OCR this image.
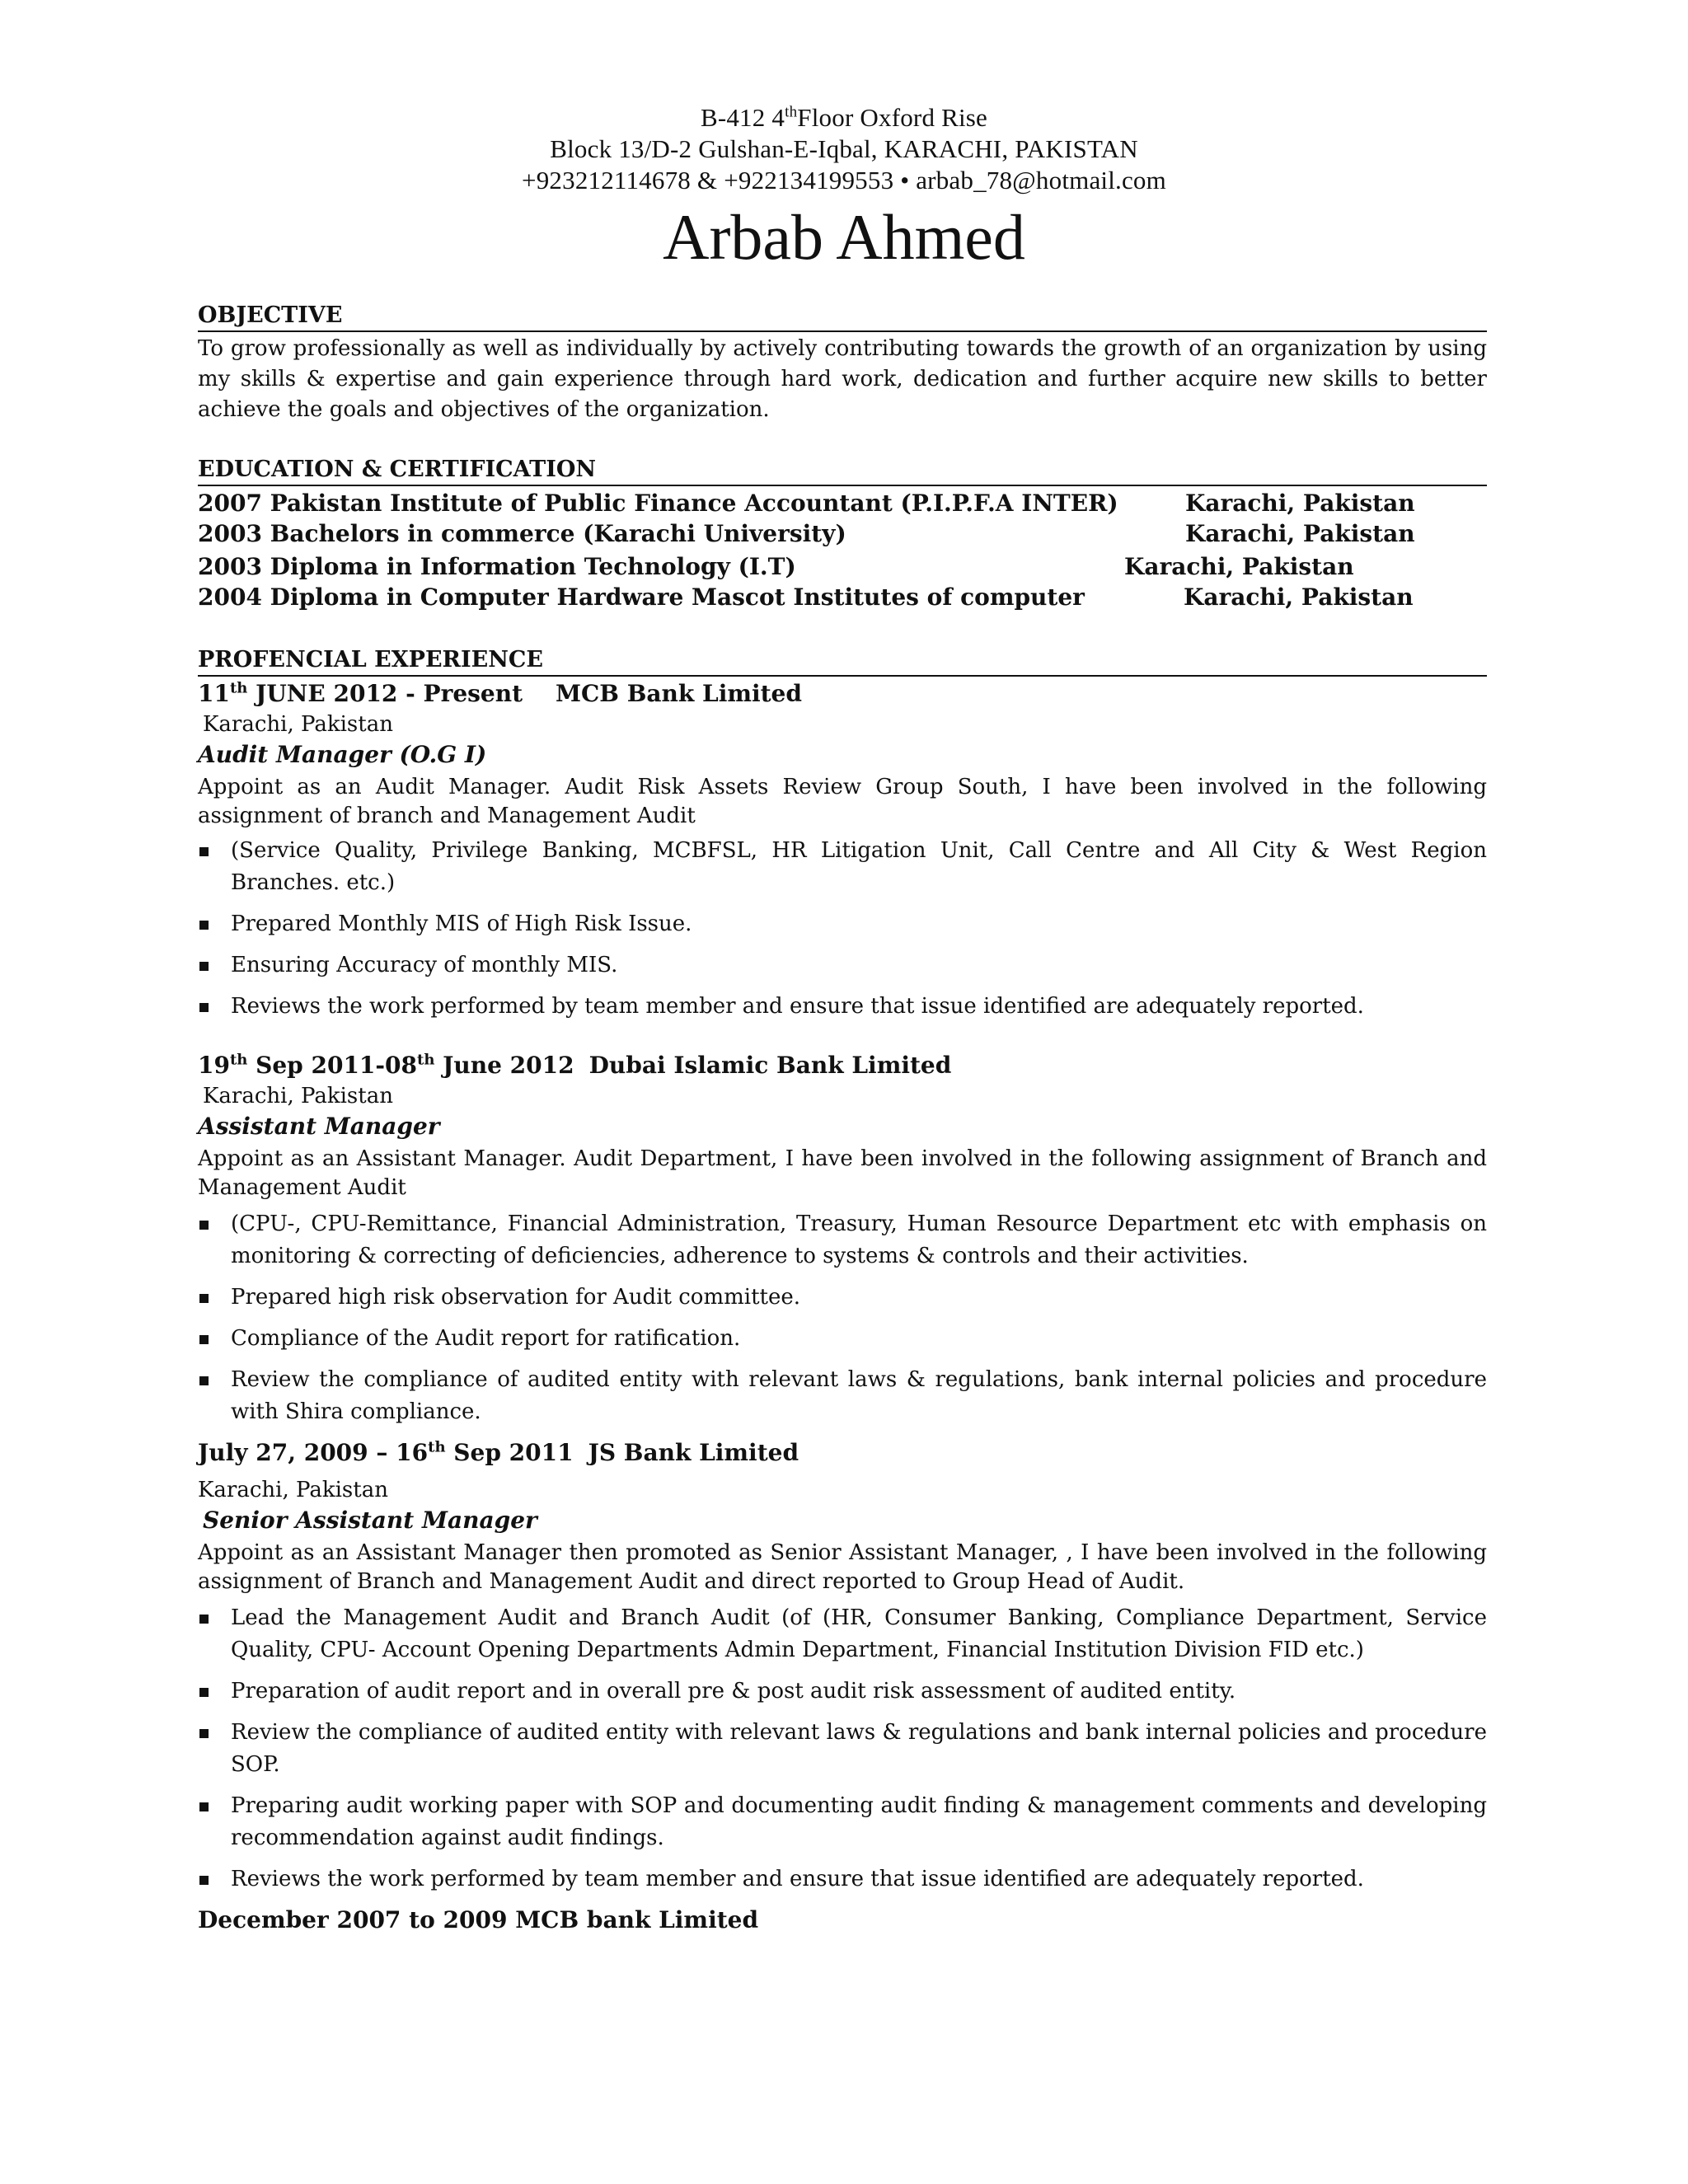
B-412 4thFloor Oxford Rise
Block 13/D-2 Gulshan-E-Iqbal, KARACHI, PAKISTAN
+923212114678 & +922134199553 • arbab_78@hotmail.com
Arbab Ahmed
OBJECTIVE
To grow professionally as well as individually by actively contributing towards the growth of an organization by using my skills & expertise and gain experience through hard work, dedication and further acquire new skills to better achieve the goals and objectives of the organization.
EDUCATION & CERTIFICATION
2007 Pakistan Institute of Public Finance Accountant (P.I.P.F.A INTER)	Karachi, Pakistan
2003 Bachelors in commerce (Karachi University)	Karachi, Pakistan
2003 Diploma in Information Technology (I.T)	Karachi, Pakistan
2004 Diploma in Computer Hardware Mascot Institutes of computer	Karachi, Pakistan
PROFENCIAL EXPERIENCE
11th JUNE 2012 - Present MCB Bank Limited
Karachi, Pakistan
Audit Manager (O.G I)
Appoint as an Audit Manager. Audit Risk Assets Review Group South, I have been involved in the following assignment of branch and Management Audit
(Service Quality, Privilege Banking, MCBFSL, HR Litigation Unit, Call Centre and All City & West Region Branches. etc.)
Prepared Monthly MIS of High Risk Issue.
Ensuring Accuracy of monthly MIS.
Reviews the work performed by team member and ensure that issue identified are adequately reported.
19th Sep 2011-08th June 2012 Dubai Islamic Bank Limited
Karachi, Pakistan
Assistant Manager
Appoint as an Assistant Manager. Audit Department, I have been involved in the following assignment of Branch and Management Audit
(CPU-, CPU-Remittance, Financial Administration, Treasury, Human Resource Department etc with emphasis on monitoring & correcting of deficiencies, adherence to systems & controls and their activities.
Prepared high risk observation for Audit committee.
Compliance of the Audit report for ratification.
Review the compliance of audited entity with relevant laws & regulations, bank internal policies and procedure with Shira compliance.
July 27, 2009 – 16th Sep 2011 JS Bank Limited
Karachi, Pakistan
Senior Assistant Manager
Appoint as an Assistant Manager then promoted as Senior Assistant Manager, , I have been involved in the following assignment of Branch and Management Audit and direct reported to Group Head of Audit.
Lead the Management Audit and Branch Audit (of (HR, Consumer Banking, Compliance Department, Service Quality, CPU- Account Opening Departments Admin Department, Financial Institution Division FID etc.)
Preparation of audit report and in overall pre & post audit risk assessment of audited entity.
Review the compliance of audited entity with relevant laws & regulations and bank internal policies and procedure SOP.
Preparing audit working paper with SOP and documenting audit finding & management comments and developing recommendation against audit findings.
Reviews the work performed by team member and ensure that issue identified are adequately reported.
December 2007 to 2009 MCB bank Limited
